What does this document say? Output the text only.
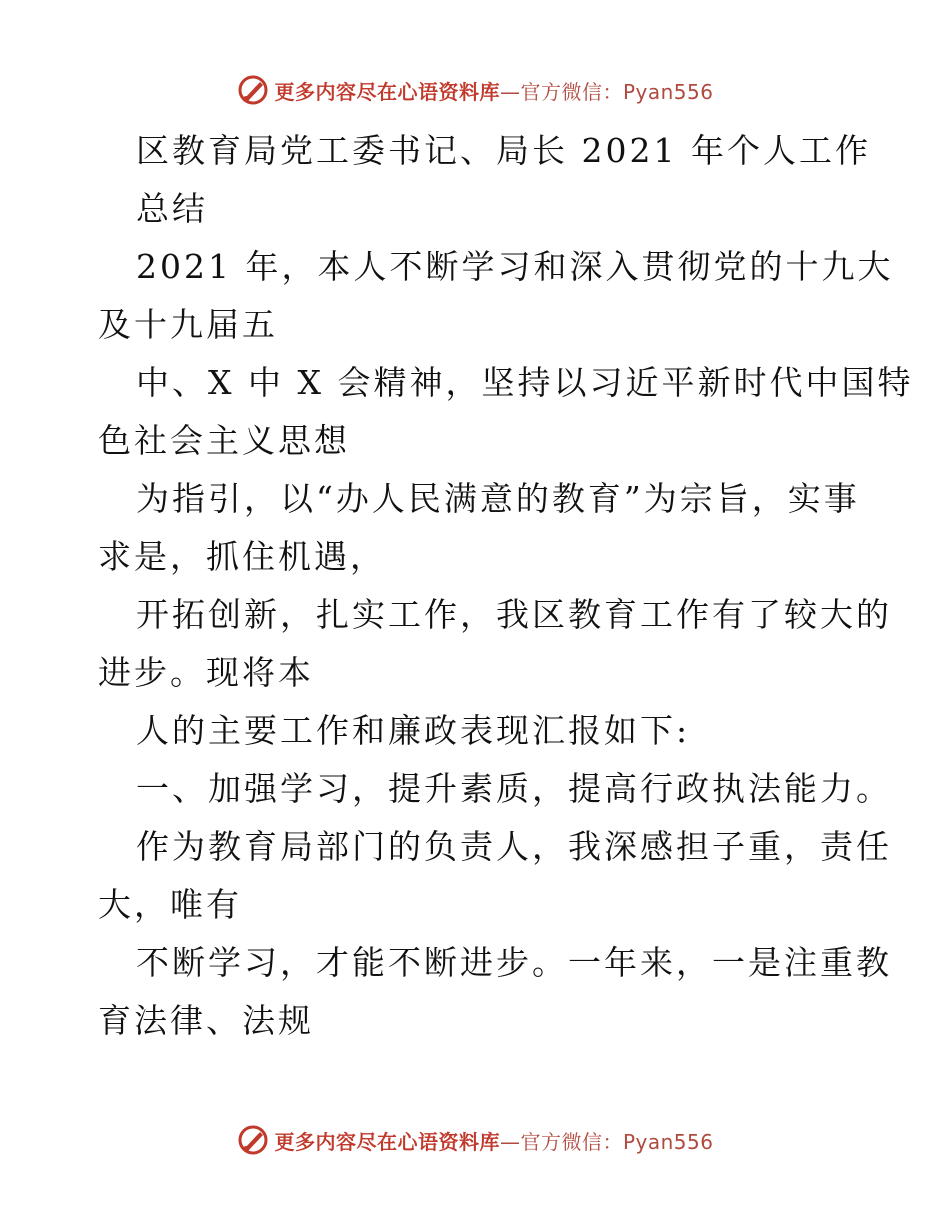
更多内容尽在心语资料库 —官方微信：Pyan556
区教育局党工委书记、局长 2021 年个人工作
总结
2021 年，本人不断学习和深入贯彻党的十九大
及十九届五
中、X 中 X 会精神，坚持以习近平新时代中国特
色社会主义思想
为指引，以“办人民满意的教育”为宗旨，实事
求是，抓住机遇，
开拓创新，扎实工作，我区教育工作有了较大的
进步。现将本
人的主要工作和廉政表现汇报如下:
一、加强学习，提升素质，提高行政执法能力。
作为教育局部门的负责人，我深感担子重，责任
大，唯有
不断学习，才能不断进步。一年来，一是注重教
育法律、法规
更多内容尽在心语资料库 —官方微信：Pyan556
